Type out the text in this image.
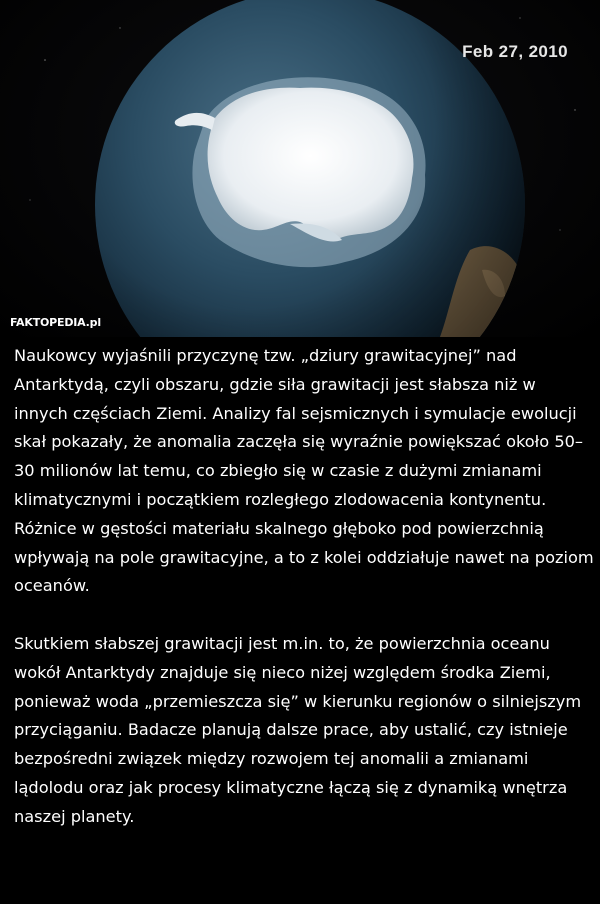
Feb 27, 2010
FAKTOPEDIA.pl

Naukowcy wyjaśnili przyczynę tzw. „dziury grawitacyjnej” nad Antarktydą, czyli obszaru, gdzie siła grawitacji jest słabsza niż w innych częściach Ziemi. Analizy fal sejsmicznych i symulacje ewolucji skał pokazały, że anomalia zaczęła się wyraźnie powiększać około 50–30 milionów lat temu, co zbiegło się w czasie z dużymi zmianami klimatycznymi i początkiem rozległego zlodowacenia kontynentu. Różnice w gęstości materiału skalnego głęboko pod powierzchnią wpływają na pole grawitacyjne, a to z kolei oddziałuje nawet na poziom oceanów.

Skutkiem słabszej grawitacji jest m.in. to, że powierzchnia oceanu wokół Antarktydy znajduje się nieco niżej względem środka Ziemi, ponieważ woda „przemieszcza się” w kierunku regionów o silniejszym przyciąganiu. Badacze planują dalsze prace, aby ustalić, czy istnieje bezpośredni związek między rozwojem tej anomalii a zmianami lądolodu oraz jak procesy klimatyczne łączą się z dynamiką wnętrza naszej planety.
